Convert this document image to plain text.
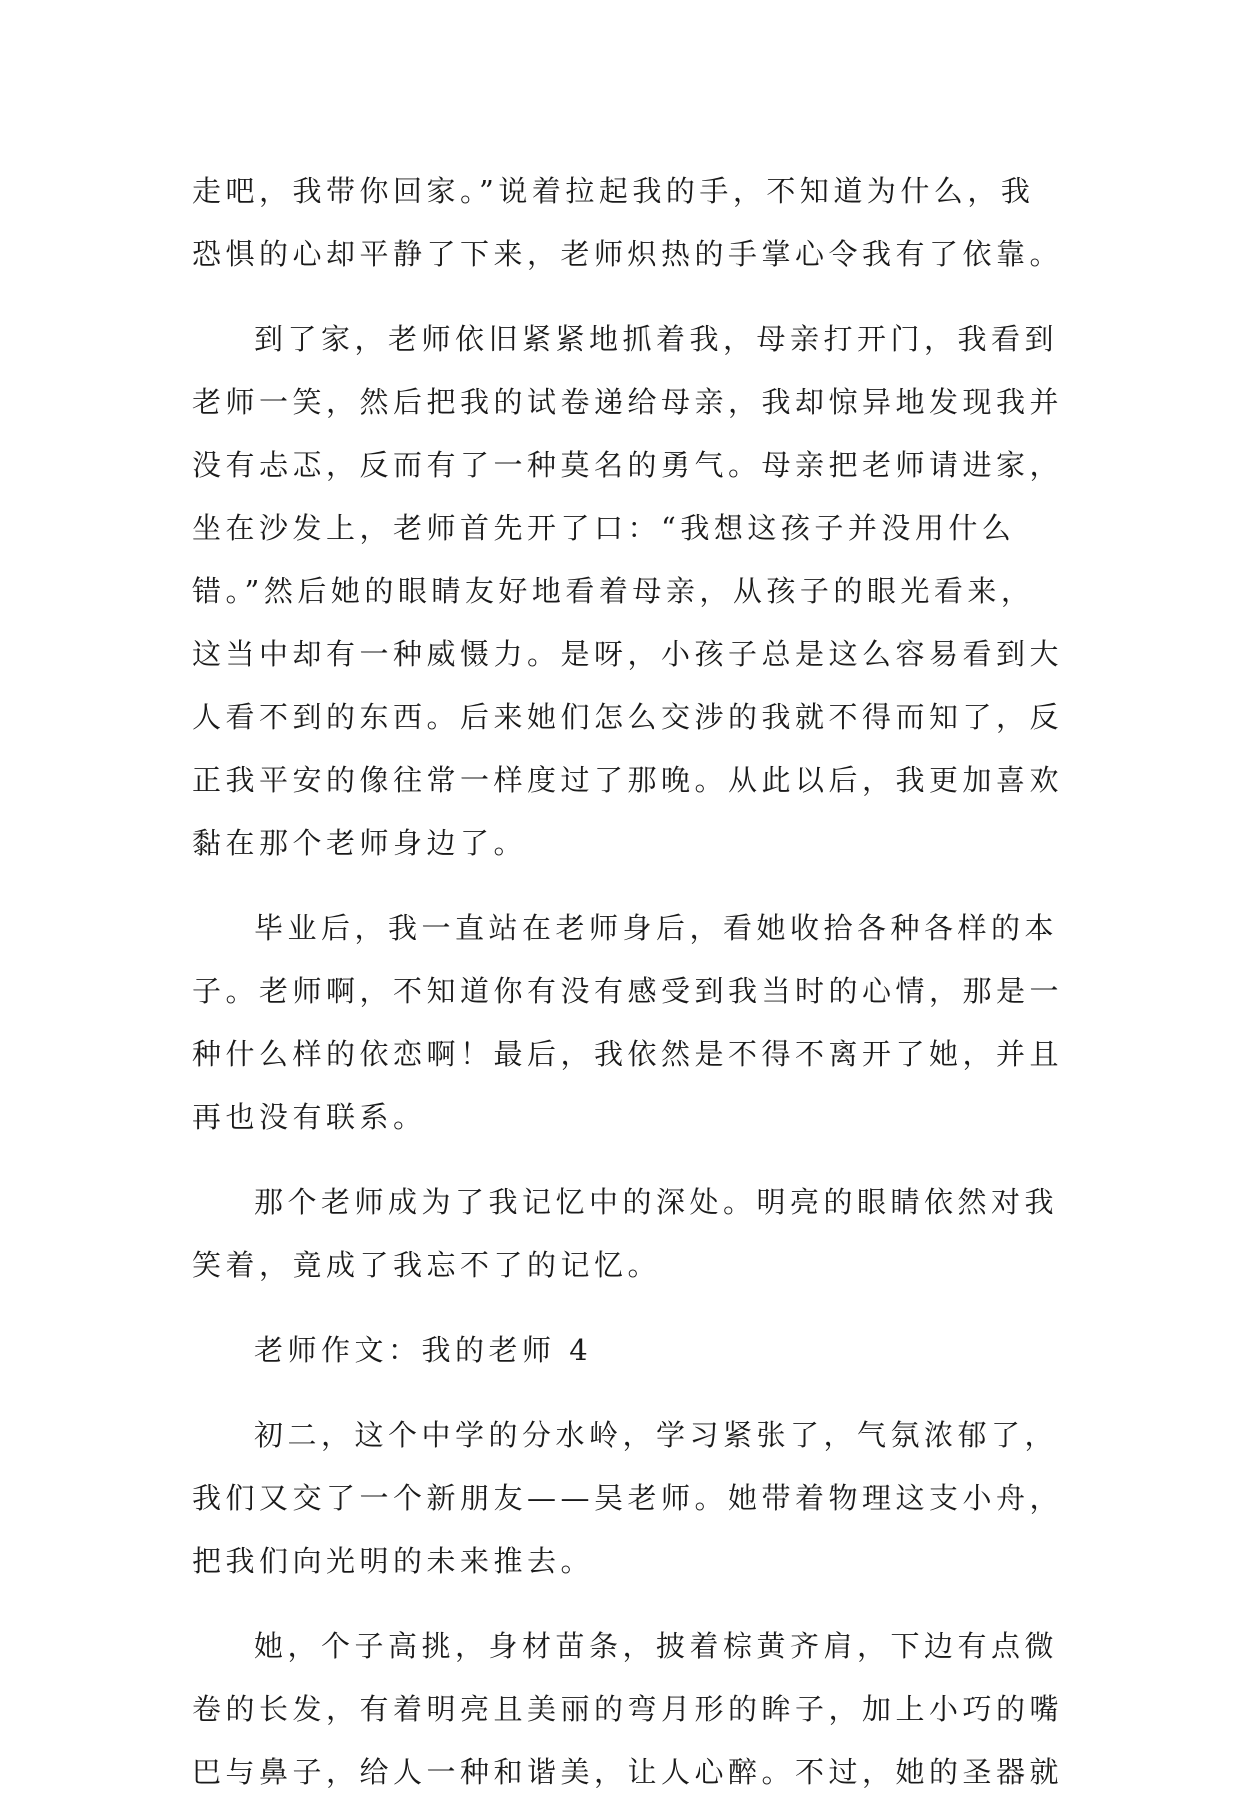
走吧，我带你回家。”说着拉起我的手，不知道为什么，我
恐惧的心却平静了下来，老师炽热的手掌心令我有了依靠。
到了家，老师依旧紧紧地抓着我，母亲打开门，我看到
老师一笑，然后把我的试卷递给母亲，我却惊异地发现我并
没有忐忑，反而有了一种莫名的勇气。母亲把老师请进家，
坐在沙发上，老师首先开了口：“我想这孩子并没用什么
错。”然后她的眼睛友好地看着母亲，从孩子的眼光看来，
这当中却有一种威慑力。是呀，小孩子总是这么容易看到大
人看不到的东西。后来她们怎么交涉的我就不得而知了，反
正我平安的像往常一样度过了那晚。从此以后，我更加喜欢
黏在那个老师身边了。
毕业后，我一直站在老师身后，看她收拾各种各样的本
子。老师啊，不知道你有没有感受到我当时的心情，那是一
种什么样的依恋啊！最后，我依然是不得不离开了她，并且
再也没有联系。
那个老师成为了我记忆中的深处。明亮的眼睛依然对我
笑着，竟成了我忘不了的记忆。
老师作文：我的老师 4
初二，这个中学的分水岭，学习紧张了，气氛浓郁了，
我们又交了一个新朋友——吴老师。她带着物理这支小舟，
把我们向光明的未来推去。
她，个子高挑，身材苗条，披着棕黄齐肩，下边有点微
卷的长发，有着明亮且美丽的弯月形的眸子，加上小巧的嘴
巴与鼻子，给人一种和谐美，让人心醉。不过，她的圣器就
